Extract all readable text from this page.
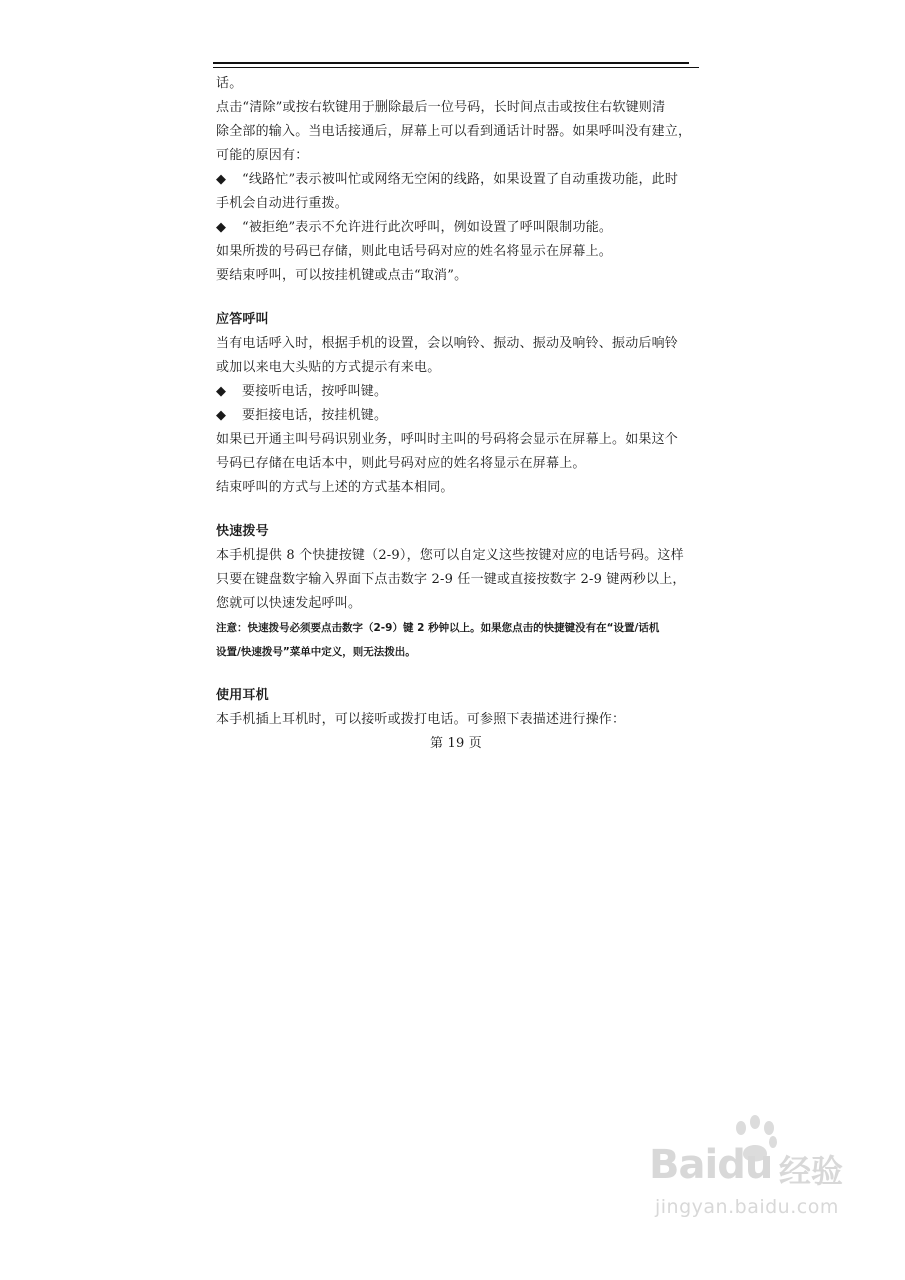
话。
点击“清除”或按右软键用于删除最后一位号码，长时间点击或按住右软键则清
除全部的输入。当电话接通后，屏幕上可以看到通话计时器。如果呼叫没有建立，
可能的原因有：
◆ “线路忙”表示被叫忙或网络无空闲的线路，如果设置了自动重拨功能，此时
手机会自动进行重拨。
◆ “被拒绝”表示不允许进行此次呼叫，例如设置了呼叫限制功能。
如果所拨的号码已存储，则此电话号码对应的姓名将显示在屏幕上。
要结束呼叫，可以按挂机键或点击“取消”。
应答呼叫
当有电话呼入时，根据手机的设置，会以响铃、振动、振动及响铃、振动后响铃
或加以来电大头贴的方式提示有来电。
◆ 要接听电话，按呼叫键。
◆ 要拒接电话，按挂机键。
如果已开通主叫号码识别业务，呼叫时主叫的号码将会显示在屏幕上。如果这个
号码已存储在电话本中，则此号码对应的姓名将显示在屏幕上。
结束呼叫的方式与上述的方式基本相同。
快速拨号
本手机提供 8 个快捷按键（2-9），您可以自定义这些按键对应的电话号码。这样
只要在键盘数字输入界面下点击数字 2-9 任一键或直接按数字 2-9 键两秒以上，
您就可以快速发起呼叫。
注意：快速拨号必须要点击数字（2-9）键 2 秒钟以上。如果您点击的快捷键没有在“设置/话机
设置/快速拨号”菜单中定义，则无法拨出。
使用耳机
本手机插上耳机时，可以接听或拨打电话。可参照下表描述进行操作：
第 19 页
Baidu 经验
jingyan.baidu.com
